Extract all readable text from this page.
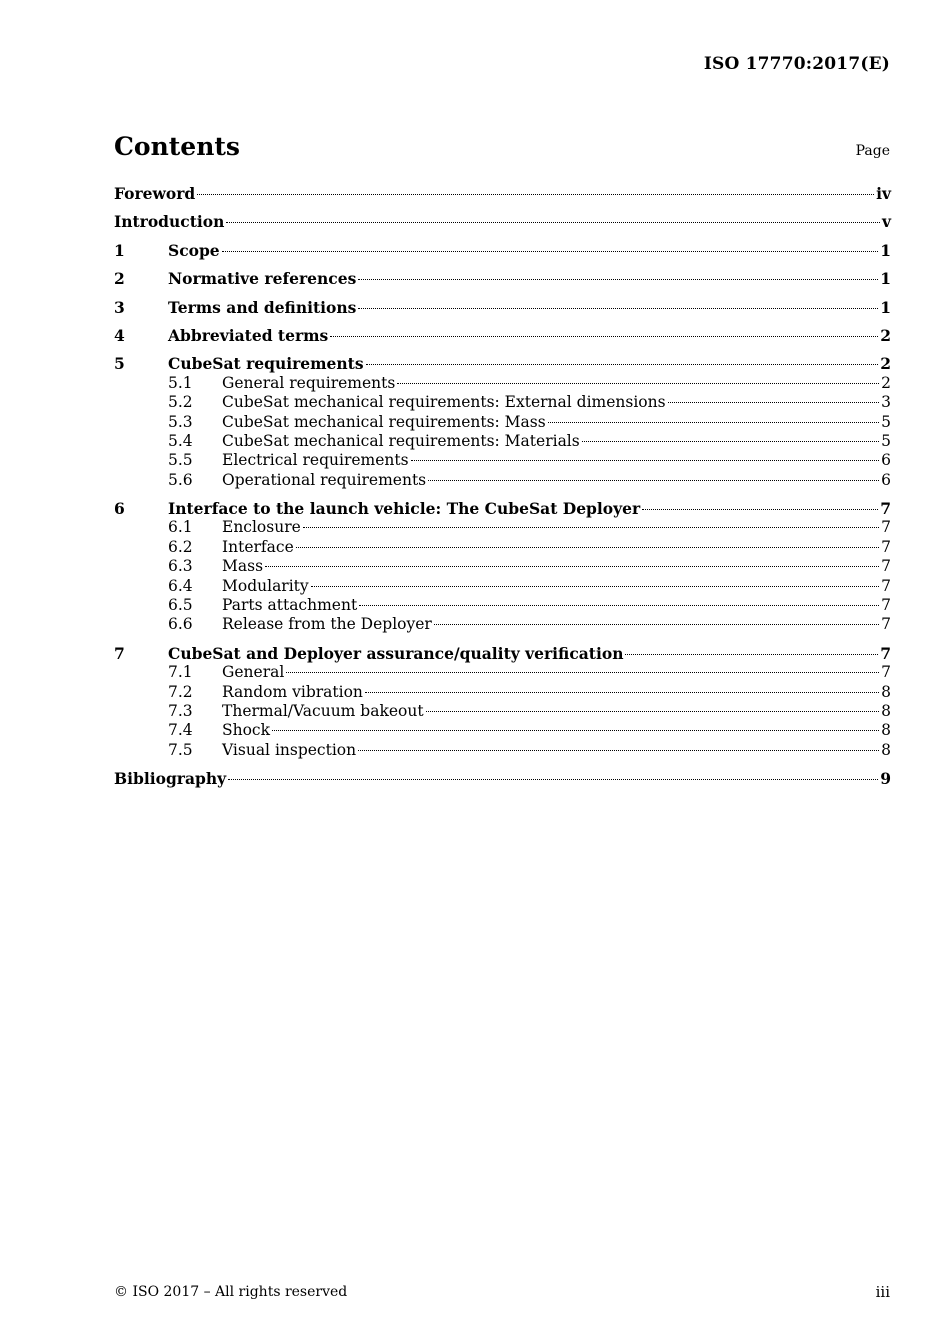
ISO 17770:2017(E)
Contents	Page
Foreword	iv
Introduction	v
1	Scope	1
2	Normative references	1
3	Terms and definitions	1
4	Abbreviated terms	2
5	CubeSat requirements	2
5.1	General requirements	2
5.2	CubeSat mechanical requirements: External dimensions	3
5.3	CubeSat mechanical requirements: Mass	5
5.4	CubeSat mechanical requirements: Materials	5
5.5	Electrical requirements	6
5.6	Operational requirements	6
6	Interface to the launch vehicle: The CubeSat Deployer	7
6.1	Enclosure	7
6.2	Interface	7
6.3	Mass	7
6.4	Modularity	7
6.5	Parts attachment	7
6.6	Release from the Deployer	7
7	CubeSat and Deployer assurance/quality verification	7
7.1	General	7
7.2	Random vibration	8
7.3	Thermal/Vacuum bakeout	8
7.4	Shock	8
7.5	Visual inspection	8
Bibliography	9
© ISO 2017 – All rights reserved	iii
